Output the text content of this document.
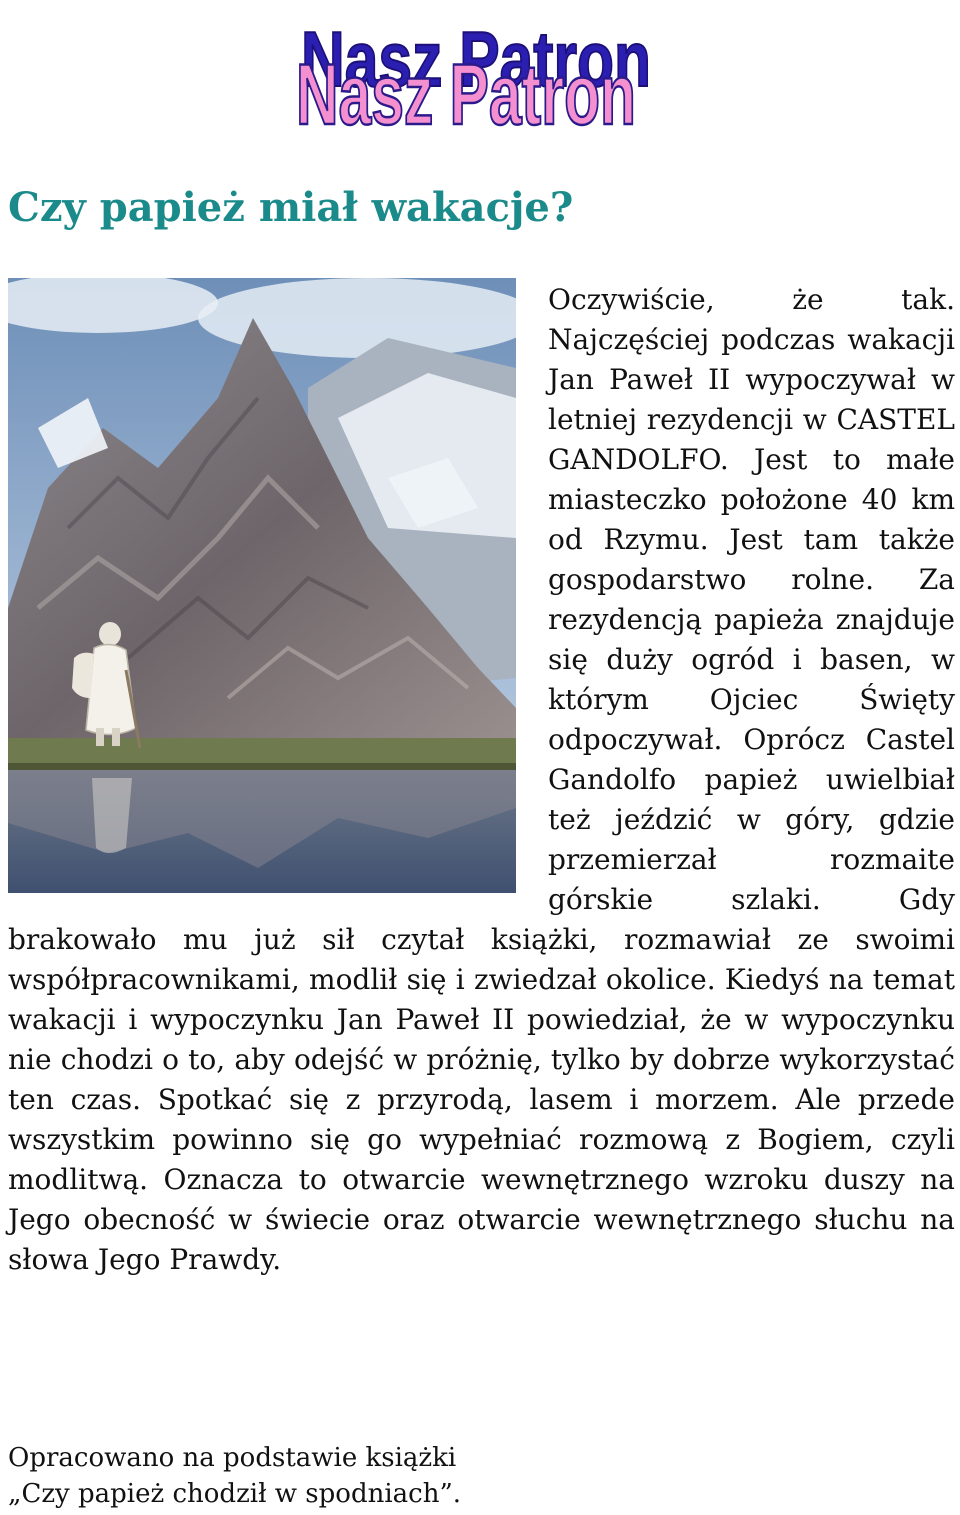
Nasz Patron
Nasz Patron
Czy papież miał wakacje?

Oczywiście, że tak. Najczęściej podczas wakacji Jan Paweł II wypoczywał w letniej rezydencji w CASTEL GANDOLFO. Jest to małe miasteczko położone 40 km od Rzymu. Jest tam także gospodarstwo rolne. Za rezydencją papieża znajduje się duży ogród i basen, w którym Ojciec Święty odpoczywał. Oprócz Castel Gandolfo papież uwielbiał też jeździć w góry, gdzie przemierzał rozmaite górskie szlaki. Gdy brakowało mu już sił czytał książki, rozmawiał ze swoimi współpracownikami, modlił się i zwiedzał okolice. Kiedyś na temat wakacji i wypoczynku Jan Paweł II powiedział, że w wypoczynku nie chodzi o to, aby odejść w próżnię, tylko by dobrze wykorzystać ten czas. Spotkać się z przyrodą, lasem i morzem. Ale przede wszystkim powinno się go wypełniać rozmową z Bogiem, czyli modlitwą. Oznacza to otwarcie wewnętrznego wzroku duszy na Jego obecność w świecie oraz otwarcie wewnętrznego słuchu na słowa Jego Prawdy.

Opracowano na podstawie książki
„Czy papież chodził w spodniach”.
